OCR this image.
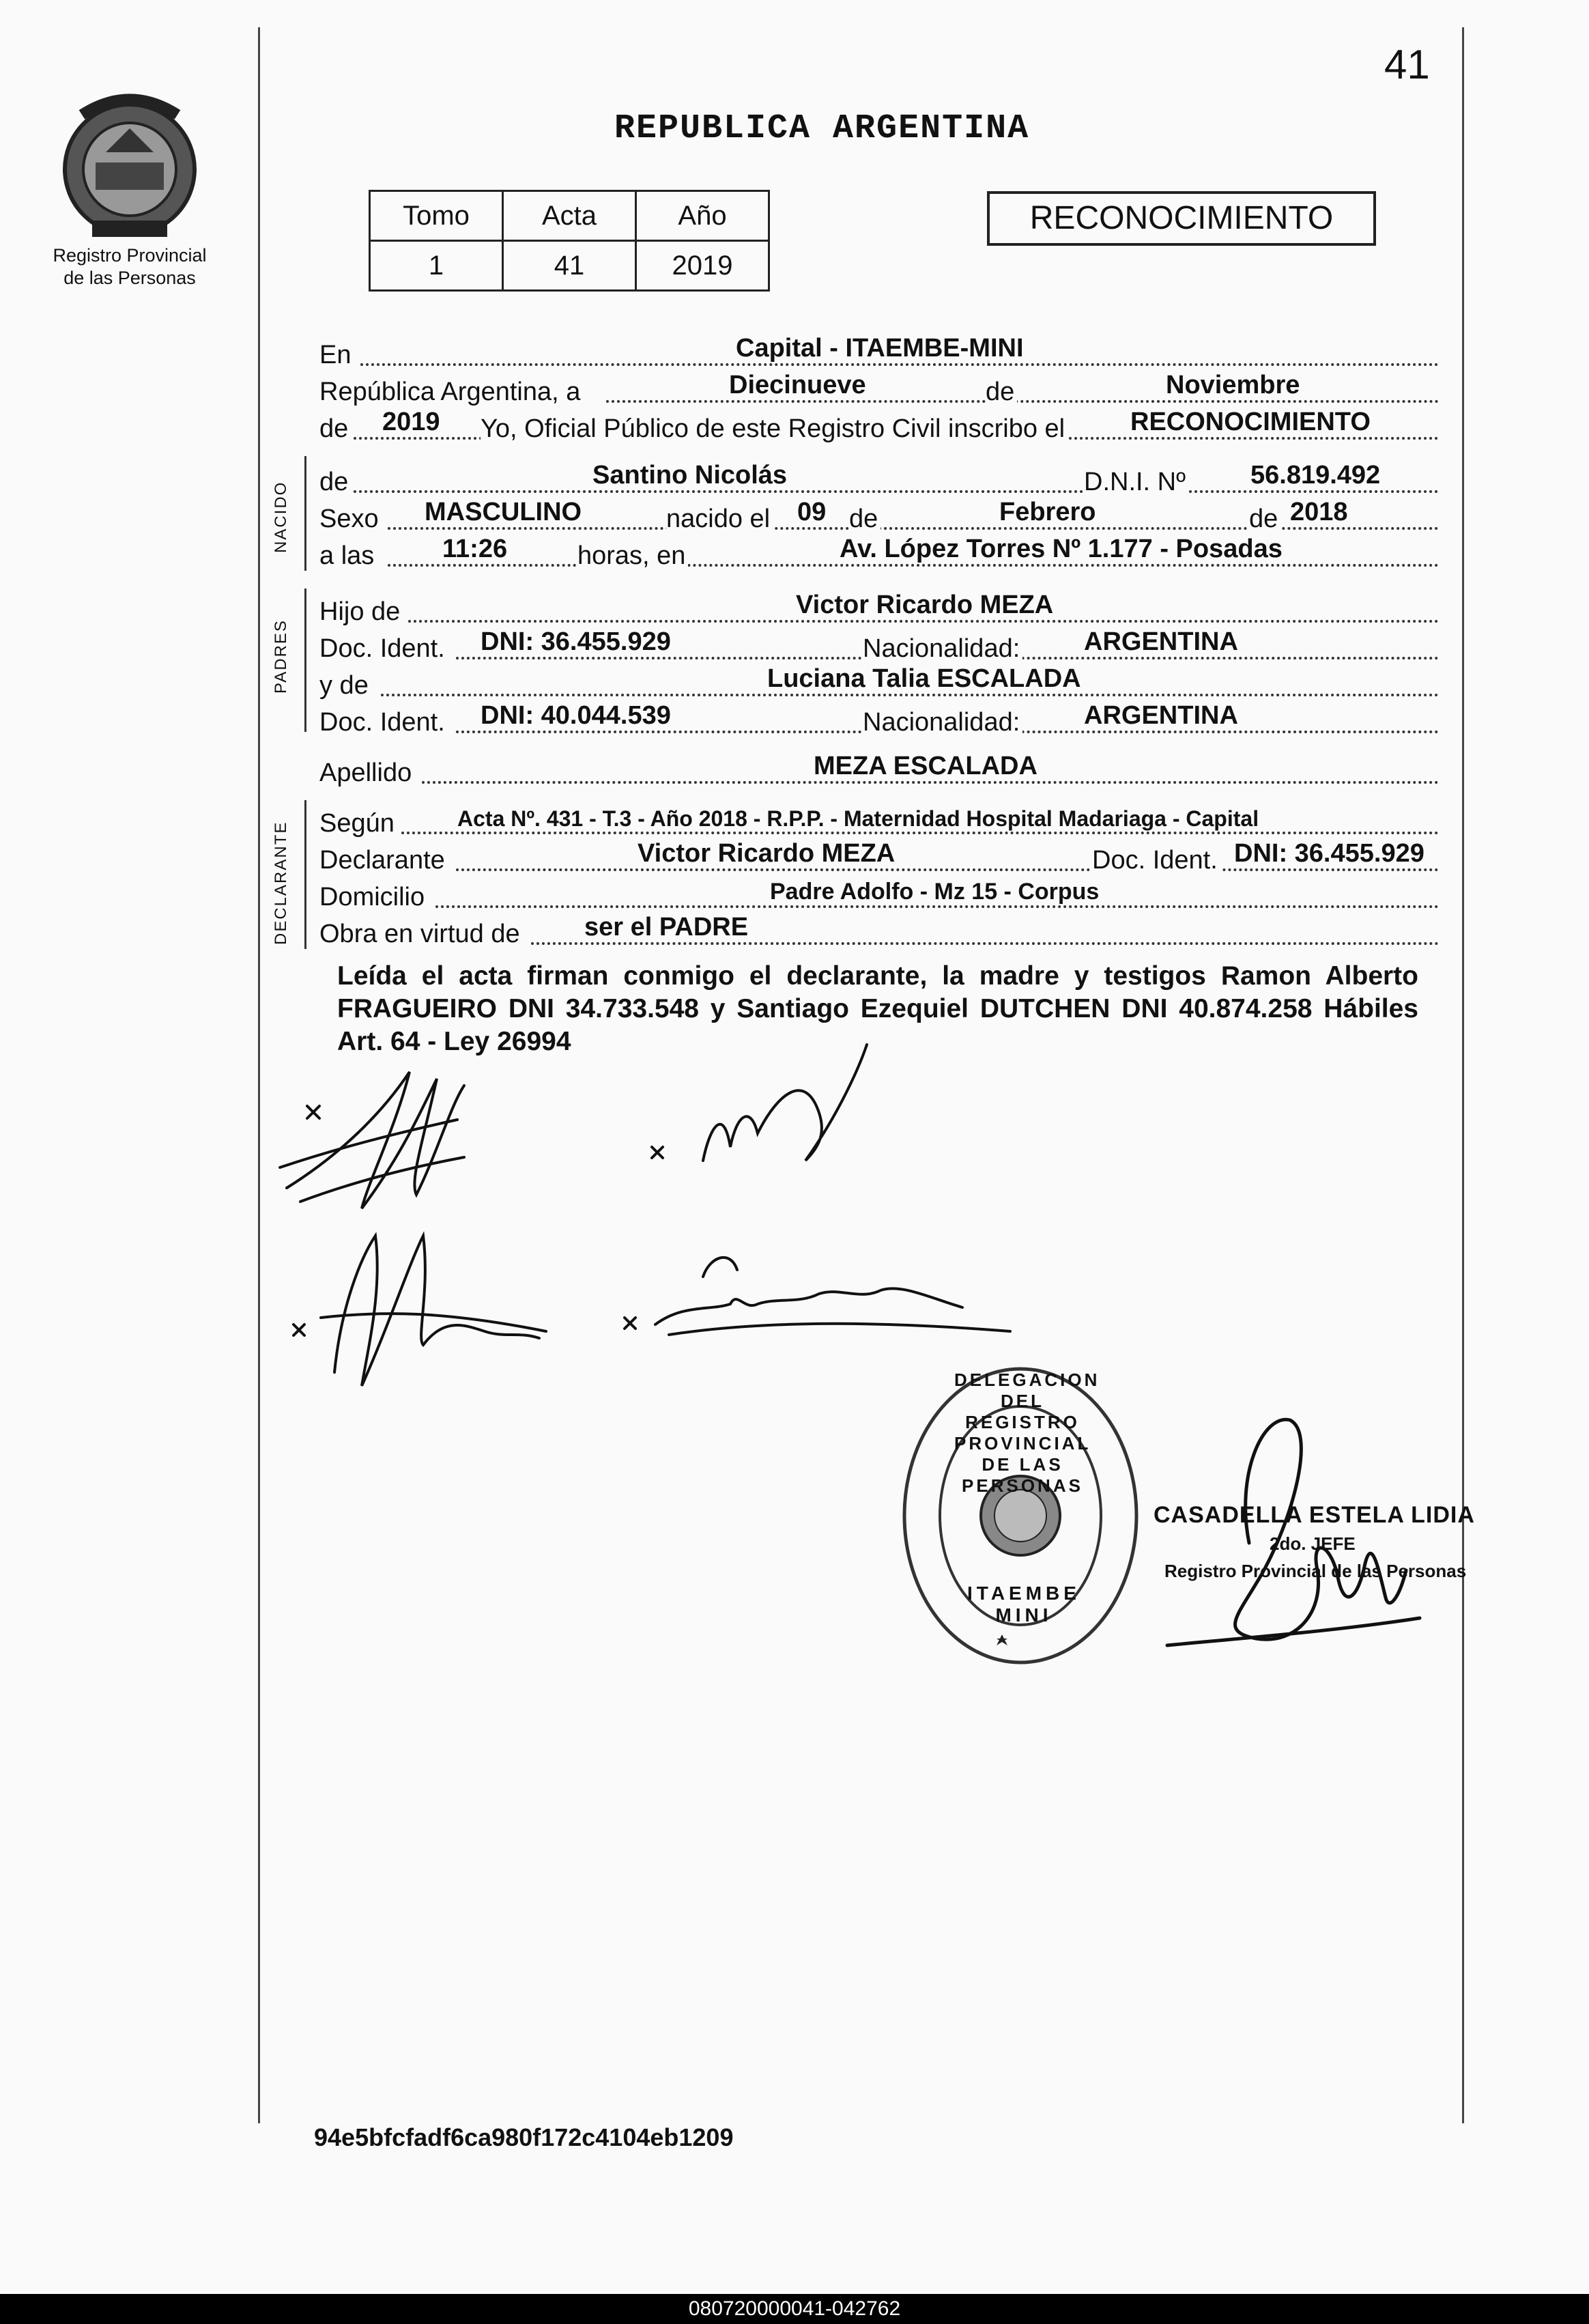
41
Registro Provincial
de las Personas
REPUBLICA ARGENTINA
Tomo	Acta	Año
1	41	2019
RECONOCIMIENTO
NACIDO
PADRES
DECLARANTE
En	Capital - ITAEMBE-MINI
República Argentina, a	Diecinueve	de	Noviembre
de 2019 Yo, Oficial Público de este Registro Civil inscribo el	RECONOCIMIENTO
de	Santino Nicolás	D.N.I. Nº	56.819.492
Sexo MASCULINO	nacido el 09 de	Febrero	de 2018
a las	11:26	horas, en	Av. López Torres Nº 1.177 - Posadas
Hijo de	Victor Ricardo MEZA
Doc. Ident. DNI: 36.455.929	Nacionalidad: ARGENTINA
y de	Luciana Talia ESCALADA
Doc. Ident. DNI: 40.044.539	Nacionalidad: ARGENTINA
Apellido	MEZA ESCALADA
Según	Acta Nº. 431 - T.3 - Año 2018 - R.P.P. - Maternidad Hospital Madariaga - Capital
Declarante	Victor Ricardo MEZA	Doc. Ident. DNI: 36.455.929
Domicilio	Padre Adolfo - Mz 15 - Corpus
Obra en virtud de ser el PADRE
Leída el acta firman conmigo el declarante, la madre y testigos Ramon Alberto FRAGUEIRO DNI 34.733.548 y Santiago Ezequiel DUTCHEN DNI 40.874.258 Hábiles Art. 64 - Ley 26994
DELEGACION DEL REGISTRO PROVINCIAL DE LAS PERSONAS
ITAEMBE MINI
CASADELLA ESTELA LIDIA
2do. JEFE
Registro Provincial de las Personas
94e5bfcfadf6ca980f172c4104eb1209
080720000041-042762
